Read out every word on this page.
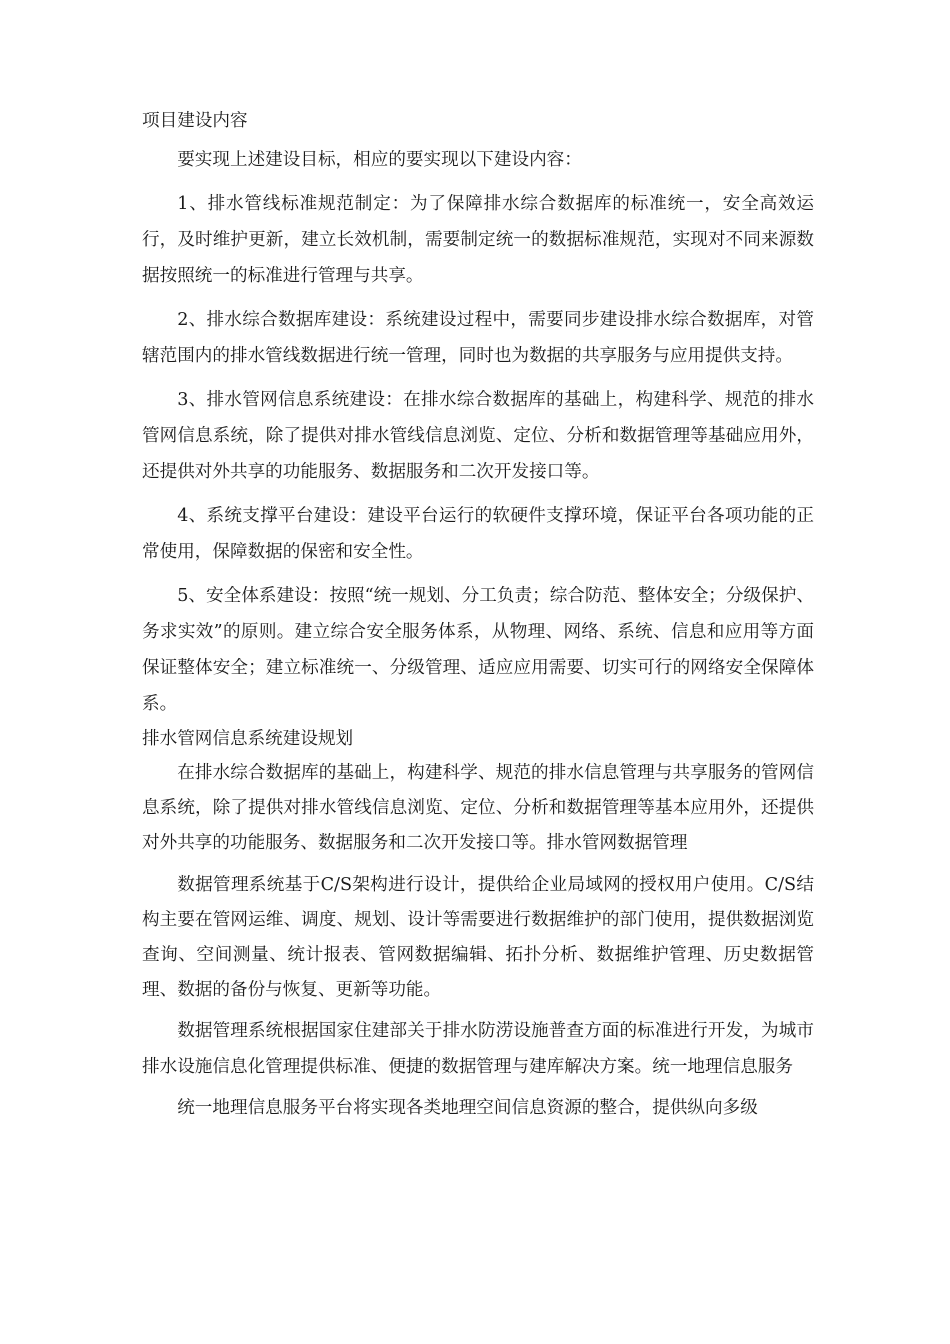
项目建设内容

要实现上述建设目标，相应的要实现以下建设内容：

1、排水管线标准规范制定：为了保障排水综合数据库的标准统一，安全高效运行，及时维护更新，建立长效机制，需要制定统一的数据标准规范，实现对不同来源数据按照统一的标准进行管理与共享。

2、排水综合数据库建设：系统建设过程中，需要同步建设排水综合数据库，对管辖范围内的排水管线数据进行统一管理，同时也为数据的共享服务与应用提供支持。

3、排水管网信息系统建设：在排水综合数据库的基础上，构建科学、规范的排水管网信息系统，除了提供对排水管线信息浏览、定位、分析和数据管理等基础应用外，还提供对外共享的功能服务、数据服务和二次开发接口等。

4、系统支撑平台建设：建设平台运行的软硬件支撑环境，保证平台各项功能的正常使用，保障数据的保密和安全性。

5、安全体系建设：按照“统一规划、分工负责；综合防范、整体安全；分级保护、务求实效”的原则。建立综合安全服务体系，从物理、网络、系统、信息和应用等方面保证整体安全；建立标准统一、分级管理、适应应用需要、切实可行的网络安全保障体系。

排水管网信息系统建设规划

在排水综合数据库的基础上，构建科学、规范的排水信息管理与共享服务的管网信息系统，除了提供对排水管线信息浏览、定位、分析和数据管理等基本应用外，还提供对外共享的功能服务、数据服务和二次开发接口等。排水管网数据管理

数据管理系统基于C/S架构进行设计，提供给企业局域网的授权用户使用。C/S结构主要在管网运维、调度、规划、设计等需要进行数据维护的部门使用，提供数据浏览查询、空间测量、统计报表、管网数据编辑、拓扑分析、数据维护管理、历史数据管理、数据的备份与恢复、更新等功能。

数据管理系统根据国家住建部关于排水防涝设施普查方面的标准进行开发，为城市排水设施信息化管理提供标准、便捷的数据管理与建库解决方案。统一地理信息服务

统一地理信息服务平台将实现各类地理空间信息资源的整合，提供纵向多级
